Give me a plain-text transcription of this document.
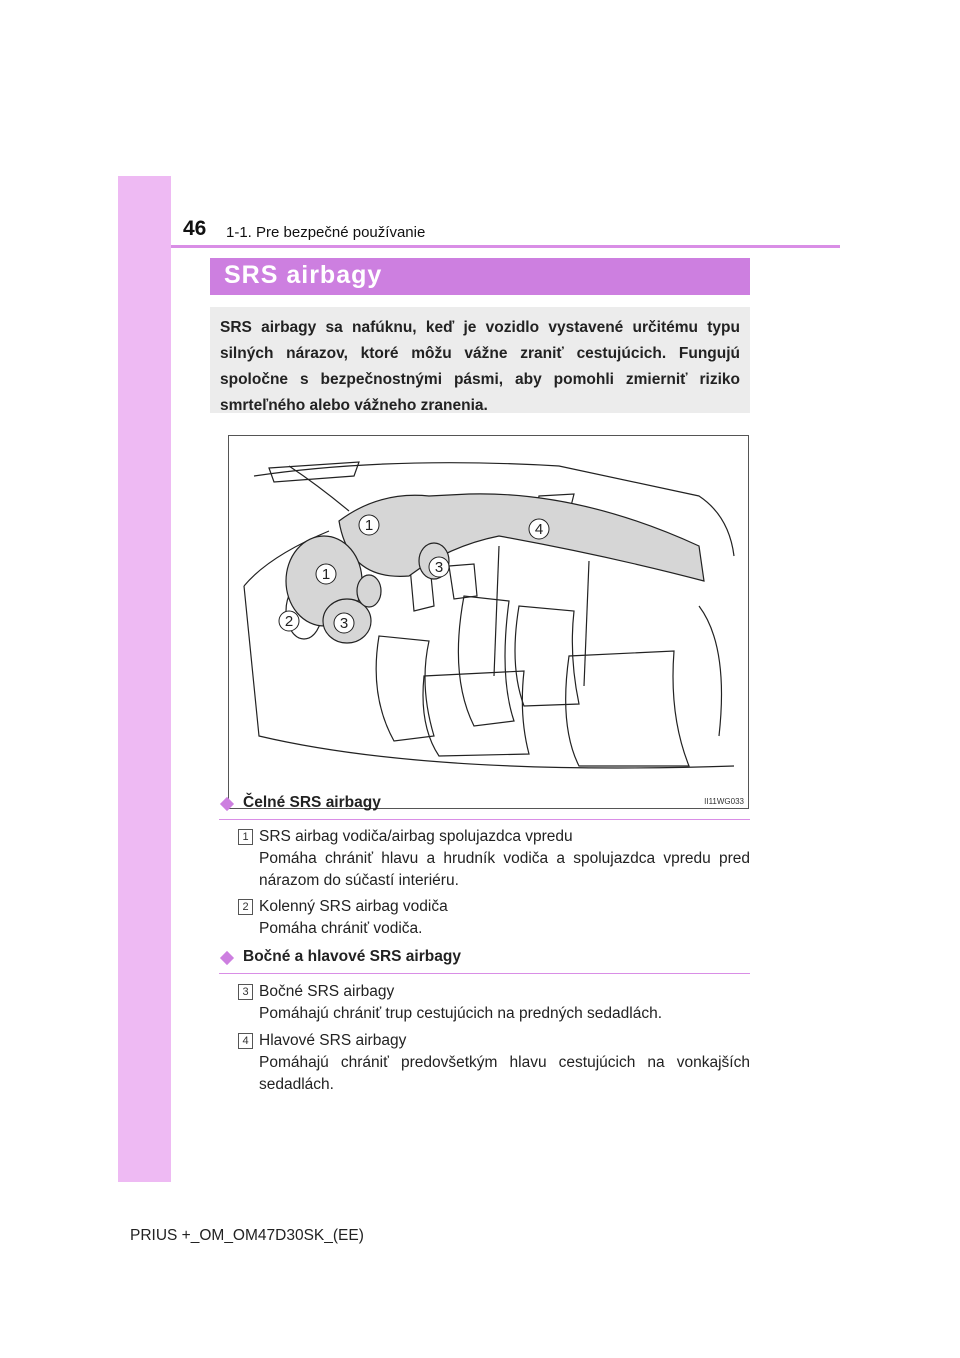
46 1-1. Pre bezpečné používanie
SRS airbagy

SRS airbagy sa nafúknu, keď je vozidlo vystavené určitému typu silných nárazov, ktoré môžu vážne zraniť cestujúcich. Fungujú spoločne s bezpečnostnými pásmi, aby pomohli zmierniť riziko smrteľného alebo vážneho zranenia.

1
1
2	3
3
4
II11WG033
Čelné SRS airbagy
1 SRS airbag vodiča/airbag spolujazdca vpredu
Pomáha chrániť hlavu a hrudník vodiča a spolujazdca vpredu pred nárazom do súčastí interiéru.
2 Kolenný SRS airbag vodiča
Pomáha chrániť vodiča.
Bočné a hlavové SRS airbagy
3 Bočné SRS airbagy
Pomáhajú chrániť trup cestujúcich na predných sedadlách.
4 Hlavové SRS airbagy
Pomáhajú chrániť predovšetkým hlavu cestujúcich na vonkajších sedadlách.
PRIUS +_OM_OM47D30SK_(EE)
